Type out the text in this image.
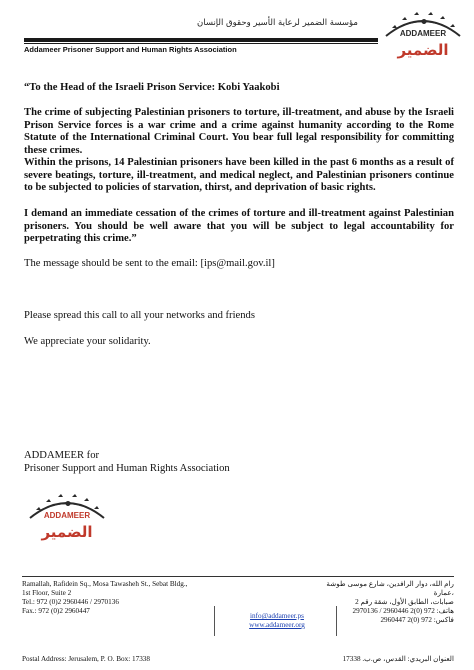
مؤسسة الضمير لرعاية الأسير وحقوق الإنسان
Addameer Prisoner Support and Human Rights Association
ADDAMEER
الضمير
“To the Head of the Israeli Prison Service: Kobi Yaakobi
The crime of subjecting Palestinian prisoners to torture, ill-treatment, and abuse by the Israeli Prison Service forces is a war crime and a crime against humanity according to the Rome Statute of the International Criminal Court. You bear full legal responsibility for committing these crimes.
Within the prisons, 14 Palestinian prisoners have been killed in the past 6 months as a result of severe beatings, torture, ill-treatment, and medical neglect, and Palestinian prisoners continue to be subjected to policies of starvation, thirst, and deprivation of basic rights.
I demand an immediate cessation of the crimes of torture and ill-treatment against Palestinian prisoners. You should be well aware that you will be subject to legal accountability for perpetrating this crime.”
The message should be sent to the email: [ips@mail.gov.il]
Please spread this call to all your networks and friends
We appreciate your solidarity.
ADDAMEER for
Prisoner Support and Human Rights Association
ADDAMEER
الضمير
Ramallah, Rafidein Sq., Mosa Tawasheh St., Sebat Bldg.,
1st Floor, Suite 2
Tel.: 972 (0)2 2960446 / 2970136
Fax.: 972 (0)2 2960447
info@addameer.ps
www.addameer.org
رام الله، دوار الرافدين، شارع موسى طوشة ،عمارة
صبابات، الطابق الأول، شقة رقم 2
هاتف: 972 (0)2 2960446 / 2970136
فاكس: 972 (0)2 2960447
Postal Address: Jerusalem, P. O. Box: 17338	العنوان البريدي: القدس، ص.ب. 17338
